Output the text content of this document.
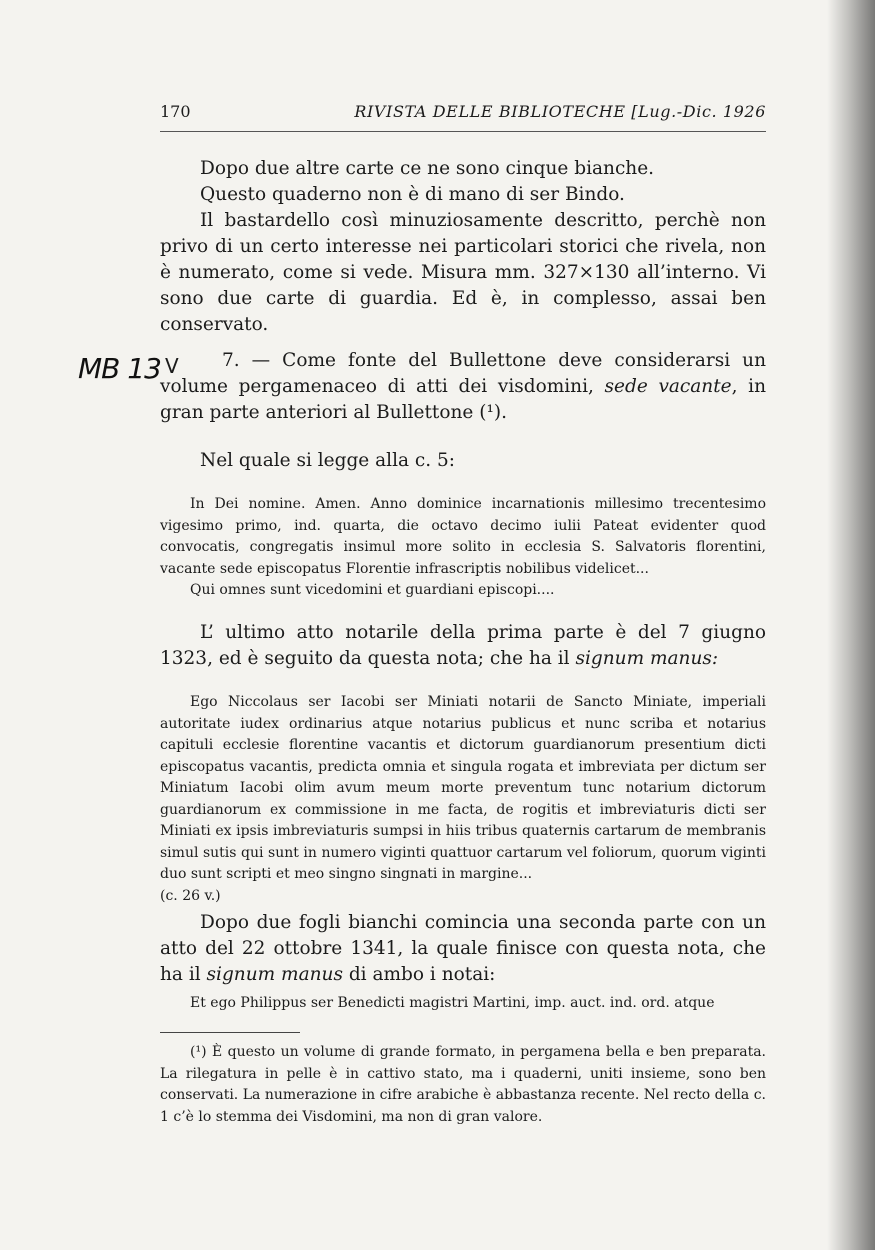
170	RIVISTA DELLE BIBLIOTECHE [Lug.-Dic. 1926
MB 13 V

Dopo due altre carte ce ne sono cinque bianche.

Questo quaderno non è di mano di ser Bindo.

Il bastardello così minuziosamente descritto, perchè non privo di un certo interesse nei particolari storici che rivela, non è numerato, come si vede. Misura mm. 327×130 all’interno. Vi sono due carte di guardia. Ed è, in complesso, assai ben conservato.

7. — Come fonte del Bullettone deve considerarsi un volume pergamenaceo di atti dei visdomini, sede vacante, in gran parte anteriori al Bullettone (¹).

Nel quale si legge alla c. 5:

In Dei nomine. Amen. Anno dominice incarnationis millesimo trecentesimo vigesimo primo, ind. quarta, die octavo decimo iulii Pateat evidenter quod convocatis, congregatis insimul more solito in ecclesia S. Salvatoris florentini, vacante sede episcopatus Florentie infrascriptis nobilibus videlicet...

Qui omnes sunt vicedomini et guardiani episcopi....

L’ ultimo atto notarile della prima parte è del 7 giugno 1323, ed è seguito da questa nota; che ha il signum manus:

Ego Niccolaus ser Iacobi ser Miniati notarii de Sancto Miniate, imperiali autoritate iudex ordinarius atque notarius publicus et nunc scriba et notarius capituli ecclesie florentine vacantis et dictorum guardianorum presentium dicti episcopatus vacantis, predicta omnia et singula rogata et imbreviata per dictum ser Miniatum Iacobi olim avum meum morte preventum tunc notarium dictorum guardianorum ex commissione in me facta, de rogitis et imbreviaturis dicti ser Miniati ex ipsis imbreviaturis sumpsi in hiis tribus quaternis cartarum de membranis simul sutis qui sunt in numero viginti quattuor cartarum vel foliorum, quorum viginti duo sunt scripti et meo singno singnati in margine...

(c. 26 v.)

Dopo due fogli bianchi comincia una seconda parte con un atto del 22 ottobre 1341, la quale finisce con questa nota, che ha il signum manus di ambo i notai:

Et ego Philippus ser Benedicti magistri Martini, imp. auct. ind. ord. atque

(¹) È questo un volume di grande formato, in pergamena bella e ben preparata. La rilegatura in pelle è in cattivo stato, ma i quaderni, uniti insieme, sono ben conservati. La numerazione in cifre arabiche è abbastanza recente. Nel recto della c. 1 c’è lo stemma dei Visdomini, ma non di gran valore.
